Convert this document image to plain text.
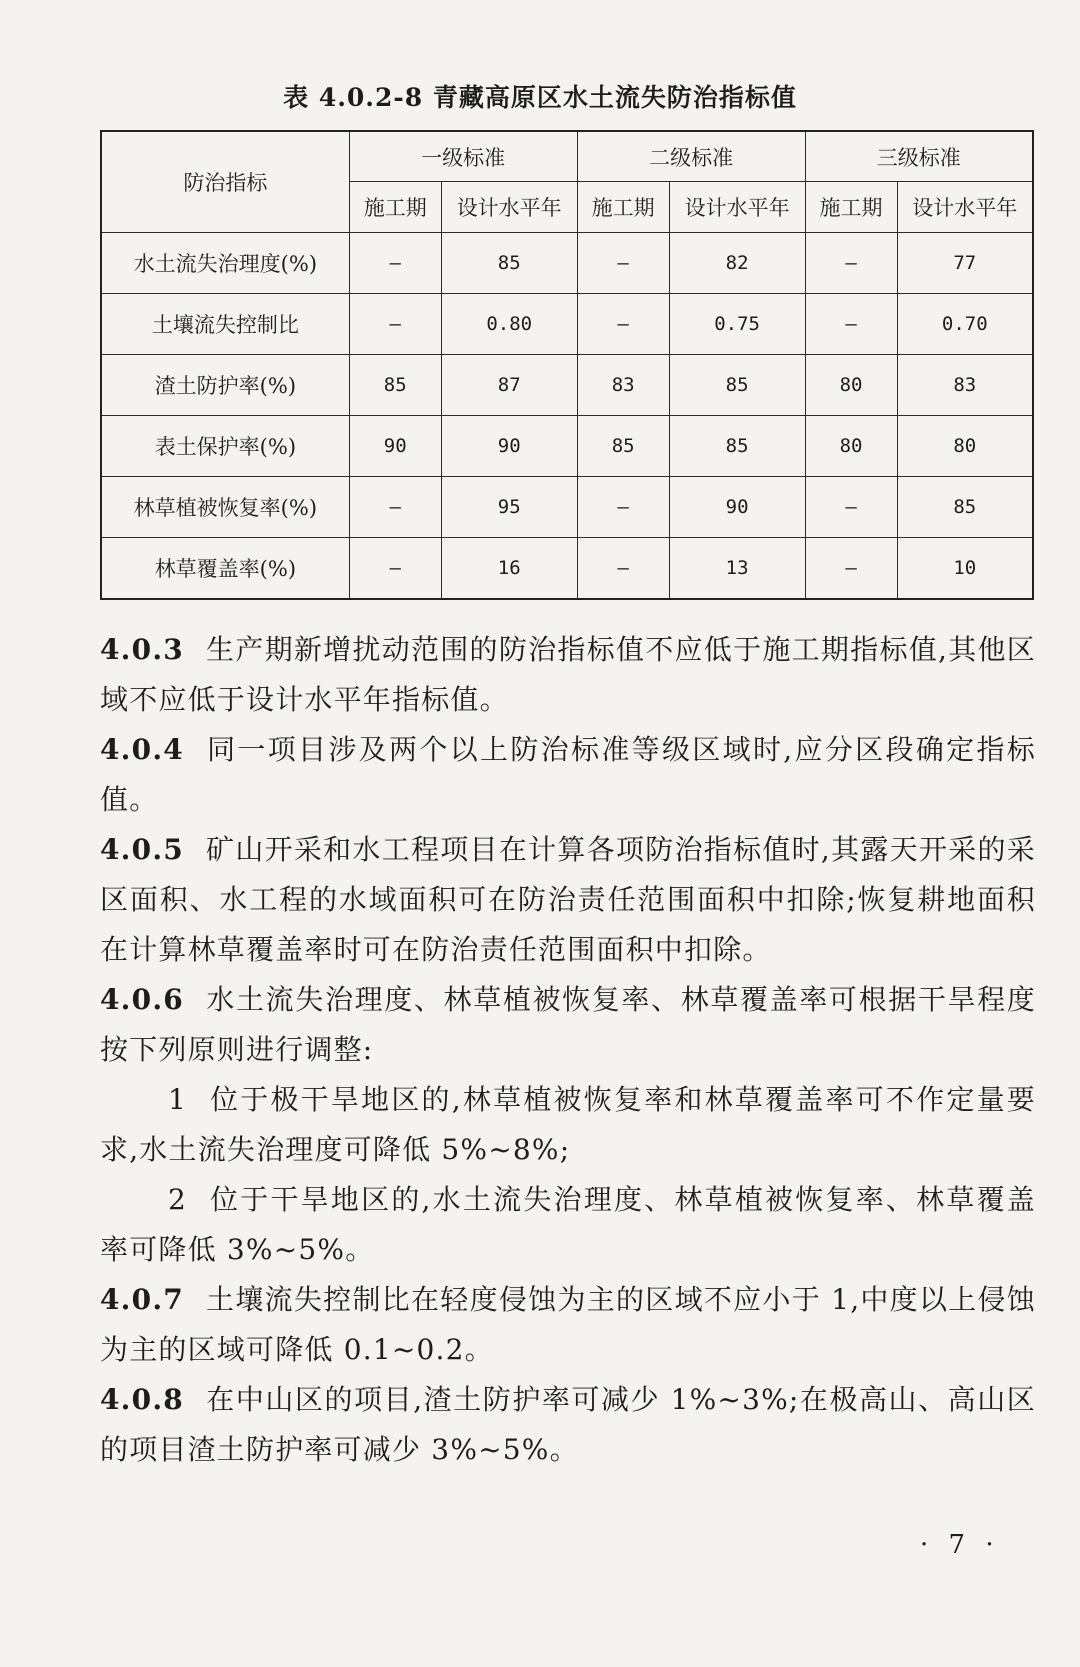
表 4.0.2-8 青藏高原区水土流失防治指标值
防治指标	一级标准		二级标准		三级标准	
	施工期	设计水平年	施工期	设计水平年	施工期	设计水平年
水土流失治理度(%)	—	85	—	82	—	77
土壤流失控制比	—	0.80	—	0.75	—	0.70
渣土防护率(%)	85	87	83	85	80	83
表土保护率(%)	90	90	85	85	80	80
林草植被恢复率(%)	—	95	—	90	—	85
林草覆盖率(%)	—	16	—	13	—	10

4.0.3 生产期新增扰动范围的防治指标值不应低于施工期指标值,其他区域不应低于设计水平年指标值。

4.0.4 同一项目涉及两个以上防治标准等级区域时,应分区段确定指标值。

4.0.5 矿山开采和水工程项目在计算各项防治指标值时,其露天开采的采区面积、水工程的水域面积可在防治责任范围面积中扣除;恢复耕地面积在计算林草覆盖率时可在防治责任范围面积中扣除。

4.0.6 水土流失治理度、林草植被恢复率、林草覆盖率可根据干旱程度按下列原则进行调整:

1 位于极干旱地区的,林草植被恢复率和林草覆盖率可不作定量要求,水土流失治理度可降低 5%~8%;

2 位于干旱地区的,水土流失治理度、林草植被恢复率、林草覆盖率可降低 3%~5%。

4.0.7 土壤流失控制比在轻度侵蚀为主的区域不应小于 1,中度以上侵蚀为主的区域可降低 0.1~0.2。

4.0.8 在中山区的项目,渣土防护率可减少 1%~3%;在极高山、高山区的项目渣土防护率可减少 3%~5%。

· 7 ·
